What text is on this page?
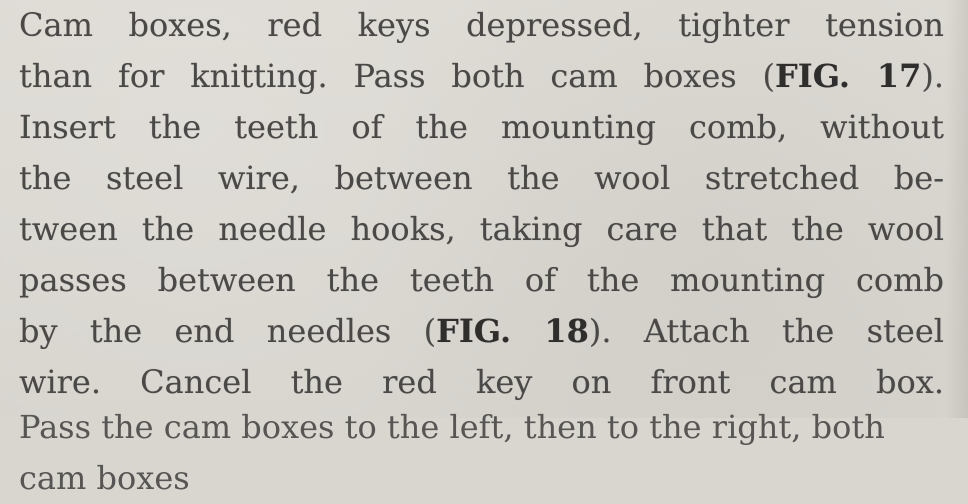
Cam boxes, red keys depressed, tighter tension
than for knitting. Pass both cam boxes (FIG. 17).
Insert the teeth of the mounting comb, without
the steel wire, between the wool stretched be-
tween the needle hooks, taking care that the wool
passes between the teeth of the mounting comb
by the end needles (FIG. 18). Attach the steel
wire. Cancel the red key on front cam box.
Pass the cam boxes to the left, then to the right, both cam boxes
